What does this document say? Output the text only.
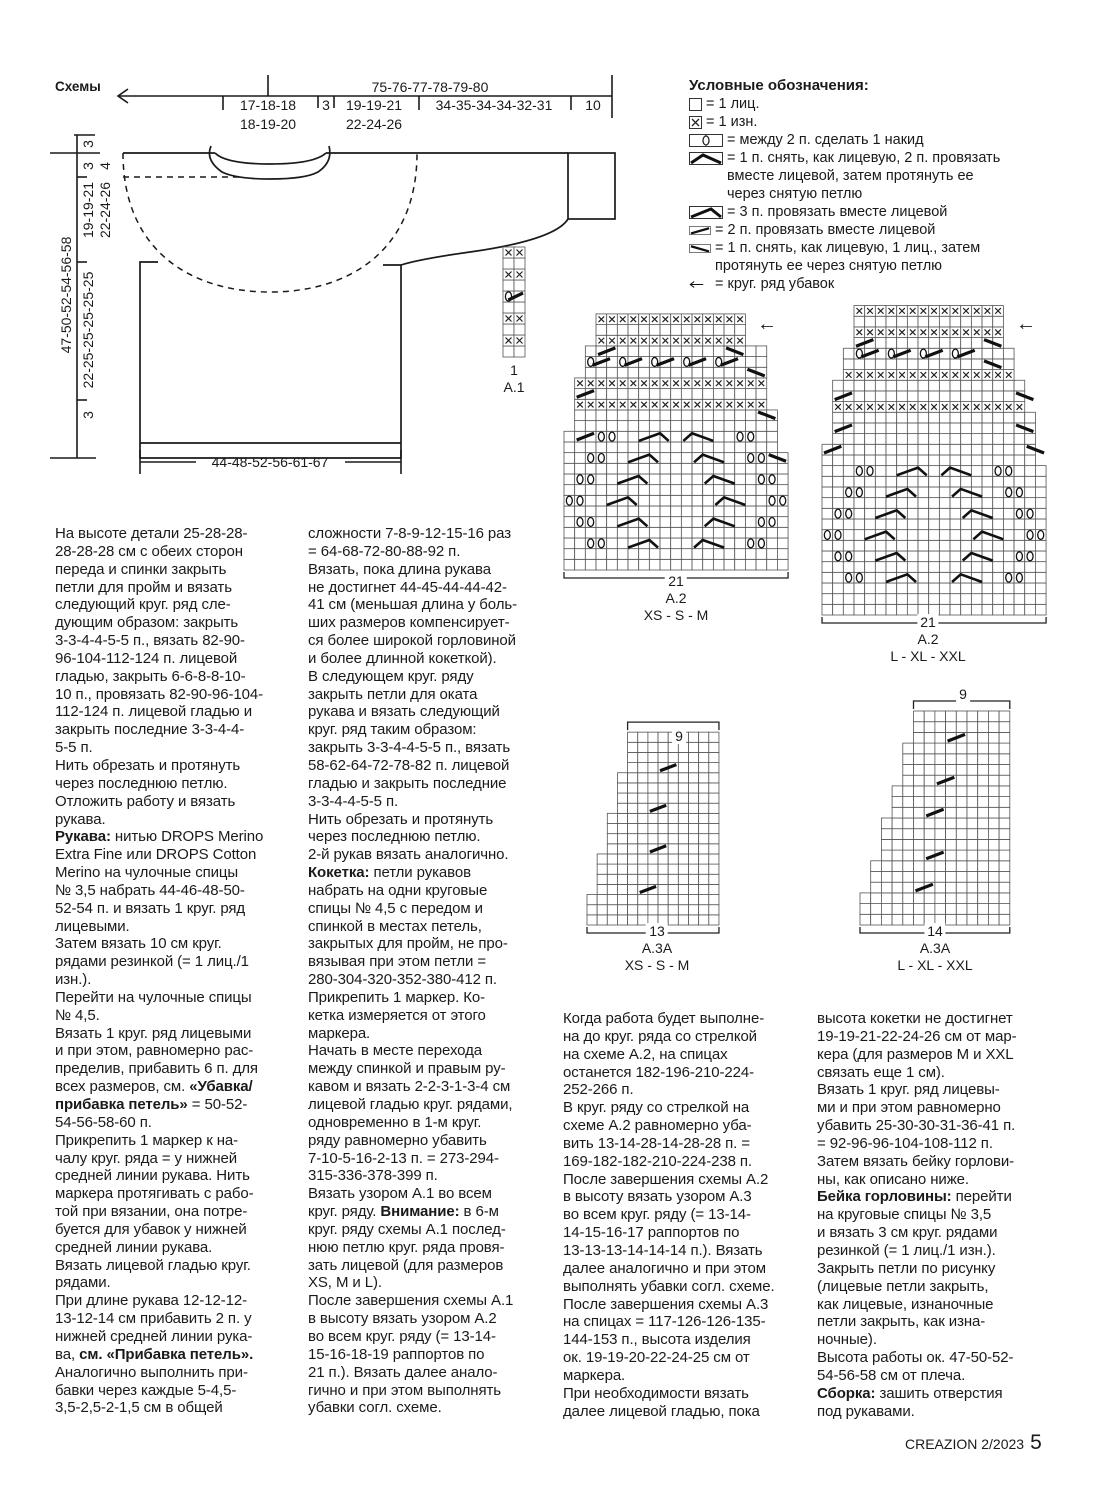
Схемы	75-76-77-78-79-80
17-18-18
18-19-20
3 19-19-21
22-24-26
34-35-34-34-32-31 10
3
3 4
19-19-21 22-24-26
47-50-52-54-56-58 22-25-25-25-25-25
3
44-48-52-56-61-67
1
A.1
21
A.2
XS - S - M	21
A.2
L - XL - XXL
9
13
A.3A
XS - S - M
9
14
A.3A
L - XL - XXL
←	←
Условные обозначения:
= 1 лиц.
= 1 изн.
= между 2 п. сделать 1 накид
= 1 п. снять, как лицевую, 2 п. провязать
вместе лицевой, затем протянуть ее
через снятую петлю
= 3 п. провязать вместе лицевой
= 2 п. провязать вместе лицевой
= 1 п. снять, как лицевую, 1 лиц., затем
протянуть ее через снятую петлю
= круг. ряд убавок
На высоте детали 25-28-28-
28-28-28 см с обеих сторон
переда и спинки закрыть
петли для пройм и вязать
следующий круг. ряд сле-
дующим образом: закрыть
3-3-4-4-5-5 п., вязать 82-90-
96-104-112-124 п. лицевой
гладью, закрыть 6-6-8-8-10-
10 п., провязать 82-90-96-104-
112-124 п. лицевой гладью и
закрыть последние 3-3-4-4-
5-5 п.
Нить обрезать и протянуть
через последнюю петлю.
Отложить работу и вязать
рукава.
Рукава: нитью DROPS Merino
Extra Fine или DROPS Cotton
Merino на чулочные спицы
№ 3,5 набрать 44-46-48-50-
52-54 п. и вязать 1 круг. ряд
лицевыми.
Затем вязать 10 см круг.
рядами резинкой (= 1 лиц./1
изн.).
Перейти на чулочные спицы
№ 4,5.
Вязать 1 круг. ряд лицевыми
и при этом, равномерно рас-
пределив, прибавить 6 п. для
всех размеров, см. «Убавка/
прибавка петель» = 50-52-
54-56-58-60 п.
Прикрепить 1 маркер к на-
чалу круг. ряда = у нижней
средней линии рукава. Нить
маркера протягивать с рабо-
той при вязании, она потре-
буется для убавок у нижней
средней линии рукава.
Вязать лицевой гладью круг.
рядами.
При длине рукава 12-12-12-
13-12-14 см прибавить 2 п. у
нижней средней линии рука-
ва, см. «Прибавка петель».
Аналогично выполнить при-
бавки через каждые 5-4,5-
3,5-2,5-2-1,5 см в общей
сложности 7-8-9-12-15-16 раз
= 64-68-72-80-88-92 п.
Вязать, пока длина рукава
не достигнет 44-45-44-44-42-
41 см (меньшая длина у боль-
ших размеров компенсирует-
ся более широкой горловиной
и более длинной кокеткой).
В следующем круг. ряду
закрыть петли для оката
рукава и вязать следующий
круг. ряд таким образом:
закрыть 3-3-4-4-5-5 п., вязать
58-62-64-72-78-82 п. лицевой
гладью и закрыть последние
3-3-4-4-5-5 п.
Нить обрезать и протянуть
через последнюю петлю.
2-й рукав вязать аналогично.
Кокетка: петли рукавов
набрать на одни круговые
спицы № 4,5 с передом и
спинкой в местах петель,
закрытых для пройм, не про-
вязывая при этом петли =
280-304-320-352-380-412 п.
Прикрепить 1 маркер. Ко-
кетка измеряется от этого
маркера.
Начать в месте перехода
между спинкой и правым ру-
кавом и вязать 2-2-3-1-3-4 см
лицевой гладью круг. рядами,
одновременно в 1-м круг.
ряду равномерно убавить
7-10-5-16-2-13 п. = 273-294-
315-336-378-399 п.
Вязать узором А.1 во всем
круг. ряду. Внимание: в 6-м
круг. ряду схемы А.1 послед-
нюю петлю круг. ряда провя-
зать лицевой (для размеров
XS, M и L).
После завершения схемы А.1
в высоту вязать узором А.2
во всем круг. ряду (= 13-14-
15-16-18-19 раппортов по
21 п.). Вязать далее анало-
гично и при этом выполнять
убавки согл. схеме.
Когда работа будет выполне-
на до круг. ряда со стрелкой
на схеме А.2, на спицах
останется 182-196-210-224-
252-266 п.
В круг. ряду со стрелкой на
схеме А.2 равномерно уба-
вить 13-14-28-14-28-28 п. =
169-182-182-210-224-238 п.
После завершения схемы А.2
в высоту вязать узором А.3
во всем круг. ряду (= 13-14-
14-15-16-17 раппортов по
13-13-13-14-14-14 п.). Вязать
далее аналогично и при этом
выполнять убавки согл. схеме.
После завершения схемы А.3
на спицах = 117-126-126-135-
144-153 п., высота изделия
ок. 19-19-20-22-24-25 см от
маркера.
При необходимости вязать
далее лицевой гладью, пока
высота кокетки не достигнет
19-19-21-22-24-26 см от мар-
кера (для размеров M и XXL
связать еще 1 см).
Вязать 1 круг. ряд лицевы-
ми и при этом равномерно
убавить 25-30-30-31-36-41 п.
= 92-96-96-104-108-112 п.
Затем вязать бейку горлови-
ны, как описано ниже.
Бейка горловины: перейти
на круговые спицы № 3,5
и вязать 3 см круг. рядами
резинкой (= 1 лиц./1 изн.).
Закрыть петли по рисунку
(лицевые петли закрыть,
как лицевые, изнаночные
петли закрыть, как изна-
ночные).
Высота работы ок. 47-50-52-
54-56-58 см от плеча.
Сборка: зашить отверстия
под рукавами.
CREAZION 2/2023 5
